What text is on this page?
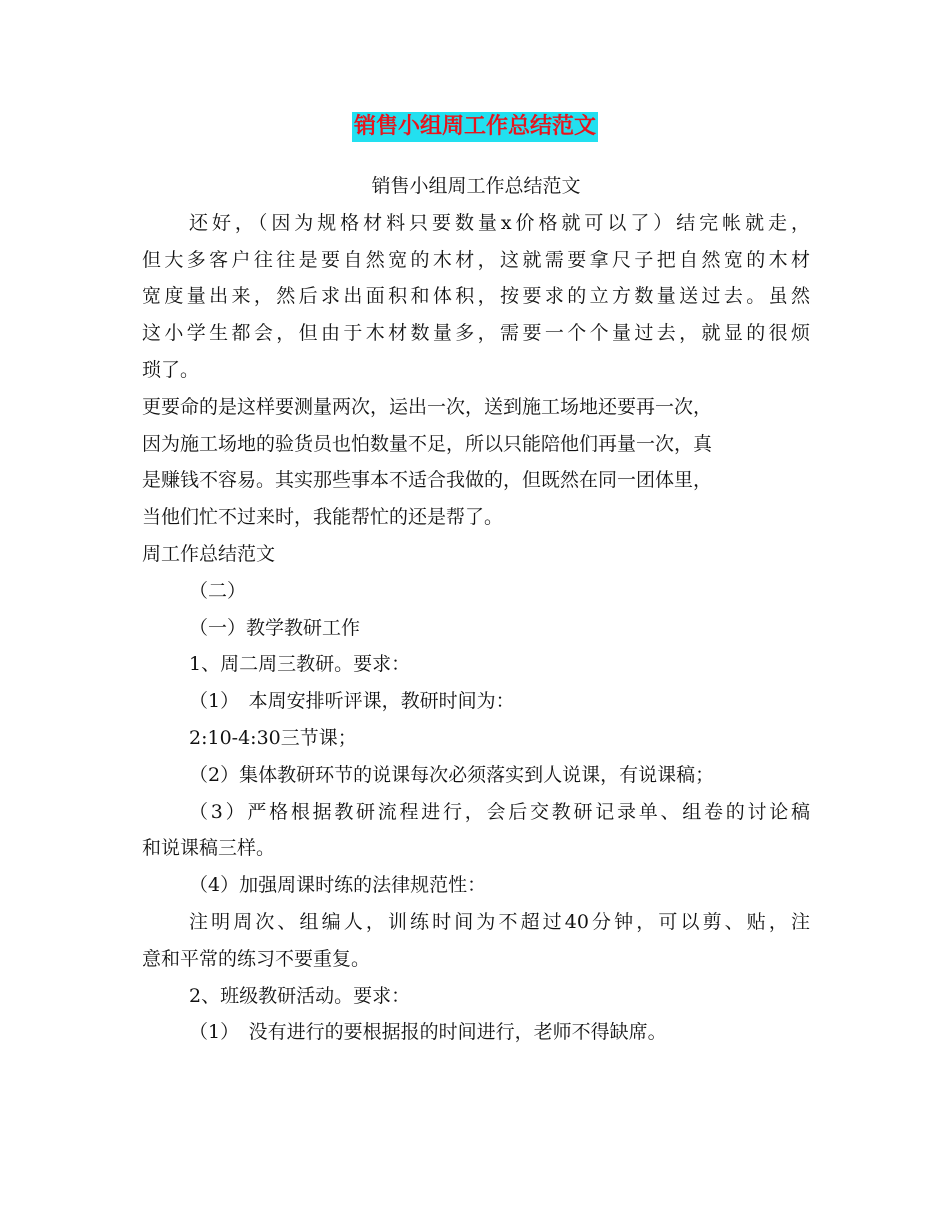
销售小组周工作总结范文
销售小组周工作总结范文
还好，（因为规格材料只要数量x价格就可以了）结完帐就走，
但大多客户往往是要自然宽的木材，这就需要拿尺子把自然宽的木材
宽度量出来，然后求出面积和体积，按要求的立方数量送过去。虽然
这小学生都会，但由于木材数量多，需要一个个量过去，就显的很烦
琐了。
更要命的是这样要测量两次，运出一次，送到施工场地还要再一次，
因为施工场地的验货员也怕数量不足，所以只能陪他们再量一次，真
是赚钱不容易。其实那些事本不适合我做的，但既然在同一团体里，
当他们忙不过来时，我能帮忙的还是帮了。
周工作总结范文
（二）
（一）教学教研工作
1、周二周三教研。要求：
（1）　本周安排听评课，教研时间为：
2:10-4:30三节课；
（2）集体教研环节的说课每次必须落实到人说课，有说课稿；
（3）严格根据教研流程进行，会后交教研记录单、组卷的讨论稿
和说课稿三样。
（4）加强周课时练的法律规范性：
注明周次、组编人，训练时间为不超过40分钟，可以剪、贴，注
意和平常的练习不要重复。
2、班级教研活动。要求：
（1）　没有进行的要根据报的时间进行，老师不得缺席。
